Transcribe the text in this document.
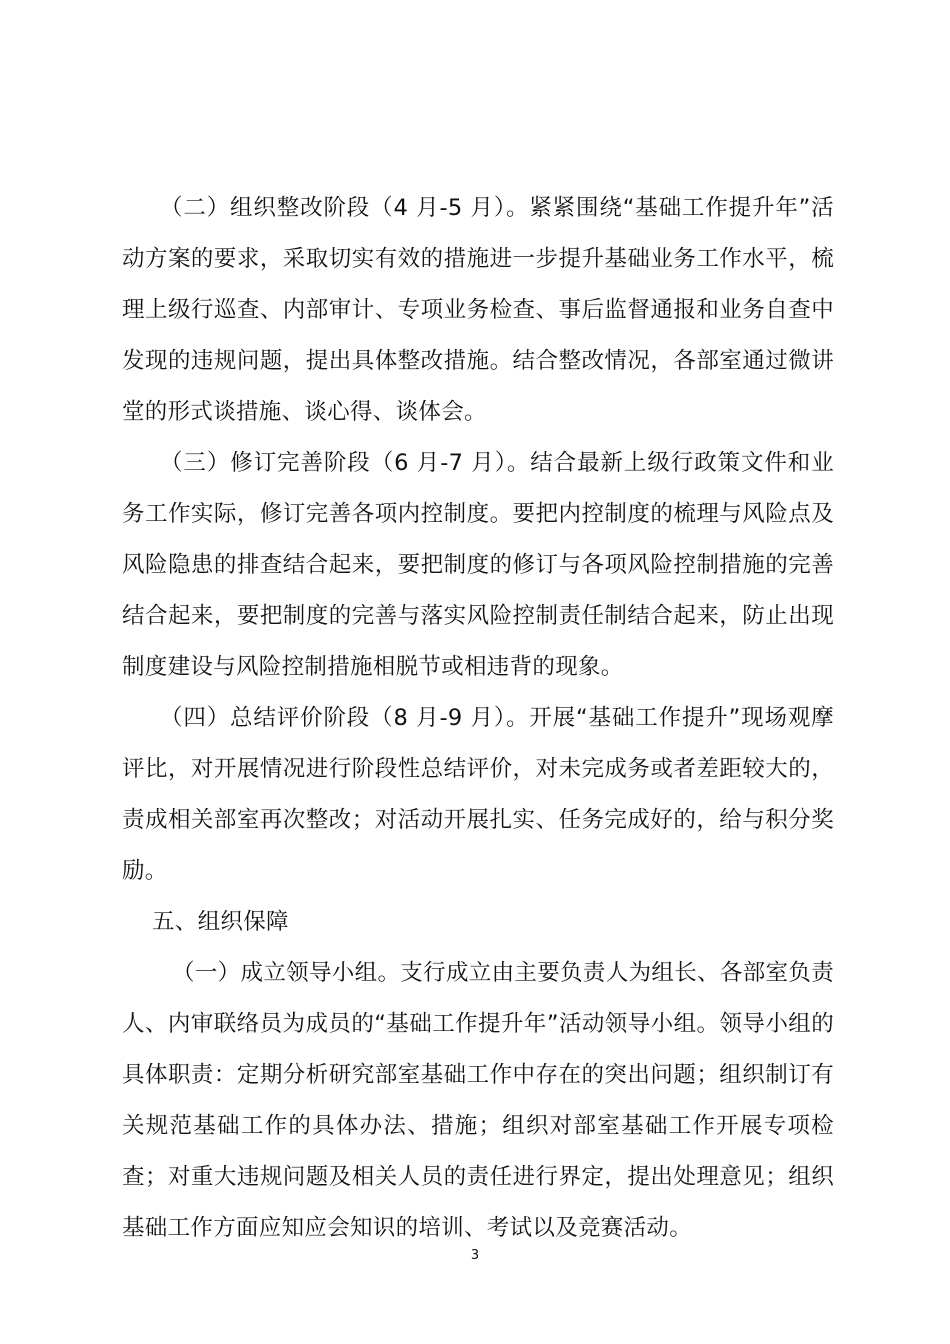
（二）组织整改阶段（4 月-5 月）。紧紧围绕“基础工作提升年”活动方案的要求，采取切实有效的措施进一步提升基础业务工作水平，梳理上级行巡查、内部审计、专项业务检查、事后监督通报和业务自查中发现的违规问题，提出具体整改措施。结合整改情况，各部室通过微讲堂的形式谈措施、谈心得、谈体会。

（三）修订完善阶段（6 月-7 月）。结合最新上级行政策文件和业务工作实际，修订完善各项内控制度。要把内控制度的梳理与风险点及风险隐患的排查结合起来，要把制度的修订与各项风险控制措施的完善结合起来，要把制度的完善与落实风险控制责任制结合起来，防止出现制度建设与风险控制措施相脱节或相违背的现象。

（四）总结评价阶段（8 月-9 月）。开展“基础工作提升”现场观摩评比，对开展情况进行阶段性总结评价，对未完成务或者差距较大的，责成相关部室再次整改；对活动开展扎实、任务完成好的，给与积分奖励。

五、组织保障

（一）成立领导小组。支行成立由主要负责人为组长、各部室负责人、内审联络员为成员的“基础工作提升年”活动领导小组。领导小组的具体职责：定期分析研究部室基础工作中存在的突出问题；组织制订有关规范基础工作的具体办法、措施；组织对部室基础工作开展专项检查；对重大违规问题及相关人员的责任进行界定，提出处理意见；组织基础工作方面应知应会知识的培训、考试以及竞赛活动。

3
